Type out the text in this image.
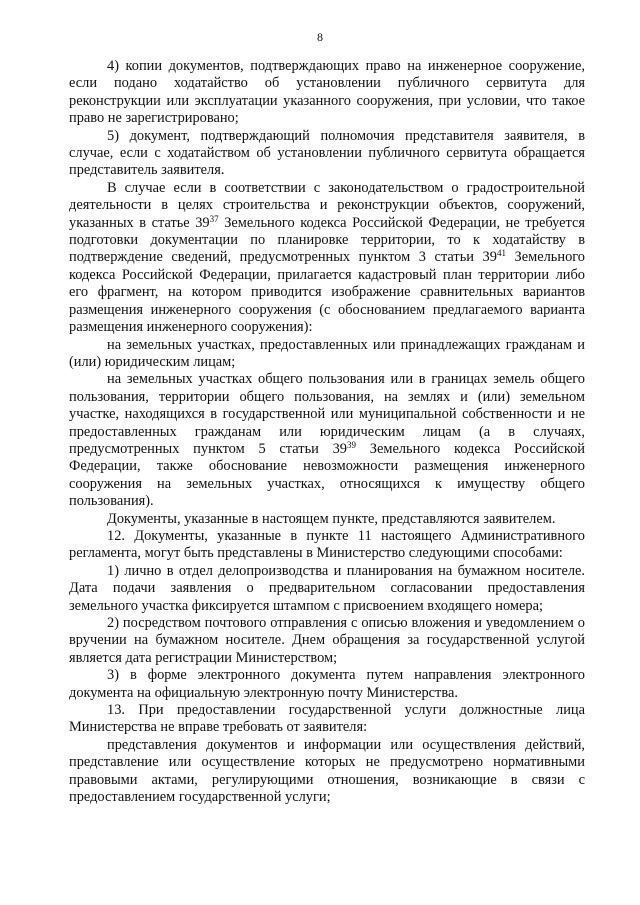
8

4) копии документов, подтверждающих право на инженерное сооружение, если подано ходатайство об установлении публичного сервитута для реконструкции или эксплуатации указанного сооружения, при условии, что такое право не зарегистрировано;

5) документ, подтверждающий полномочия представителя заявителя, в случае, если с ходатайством об установлении публичного сервитута обращается представитель заявителя.

В случае если в соответствии с законодательством о градостроительной деятельности в целях строительства и реконструкции объектов, сооружений, указанных в статье $39^{37}$ Земельного кодекса Российской Федерации, не требуется подготовки документации по планировке территории, то к ходатайству в подтверждение сведений, предусмотренных пунктом 3 статьи $39^{41}$ Земельного кодекса Российской Федерации, прилагается кадастровый план территории либо его фрагмент, на котором приводится изображение сравнительных вариантов размещения инженерного сооружения (с обоснованием предлагаемого варианта размещения инженерного сооружения):

на земельных участках, предоставленных или принадлежащих гражданам и (или) юридическим лицам;

на земельных участках общего пользования или в границах земель общего пользования, территории общего пользования, на землях и (или) земельном участке, находящихся в государственной или муниципальной собственности и не предоставленных гражданам или юридическим лицам (а в случаях, предусмотренных пунктом 5 статьи $39^{39}$ Земельного кодекса Российской Федерации, также обоснование невозможности размещения инженерного сооружения на земельных участках, относящихся к имуществу общего пользования).

Документы, указанные в настоящем пункте, представляются заявителем.

12. Документы, указанные в пункте 11 настоящего Административного регламента, могут быть представлены в Министерство следующими способами:

1) лично в отдел делопроизводства и планирования на бумажном носителе. Дата подачи заявления о предварительном согласовании предоставления земельного участка фиксируется штампом с присвоением входящего номера;

2) посредством почтового отправления с описью вложения и уведомлением о вручении на бумажном носителе. Днем обращения за государственной услугой является дата регистрации Министерством;

3) в форме электронного документа путем направления электронного документа на официальную электронную почту Министерства.

13. При предоставлении государственной услуги должностные лица Министерства не вправе требовать от заявителя:

представления документов и информации или осуществления действий, представление или осуществление которых не предусмотрено нормативными правовыми актами, регулирующими отношения, возникающие в связи с предоставлением государственной услуги;
